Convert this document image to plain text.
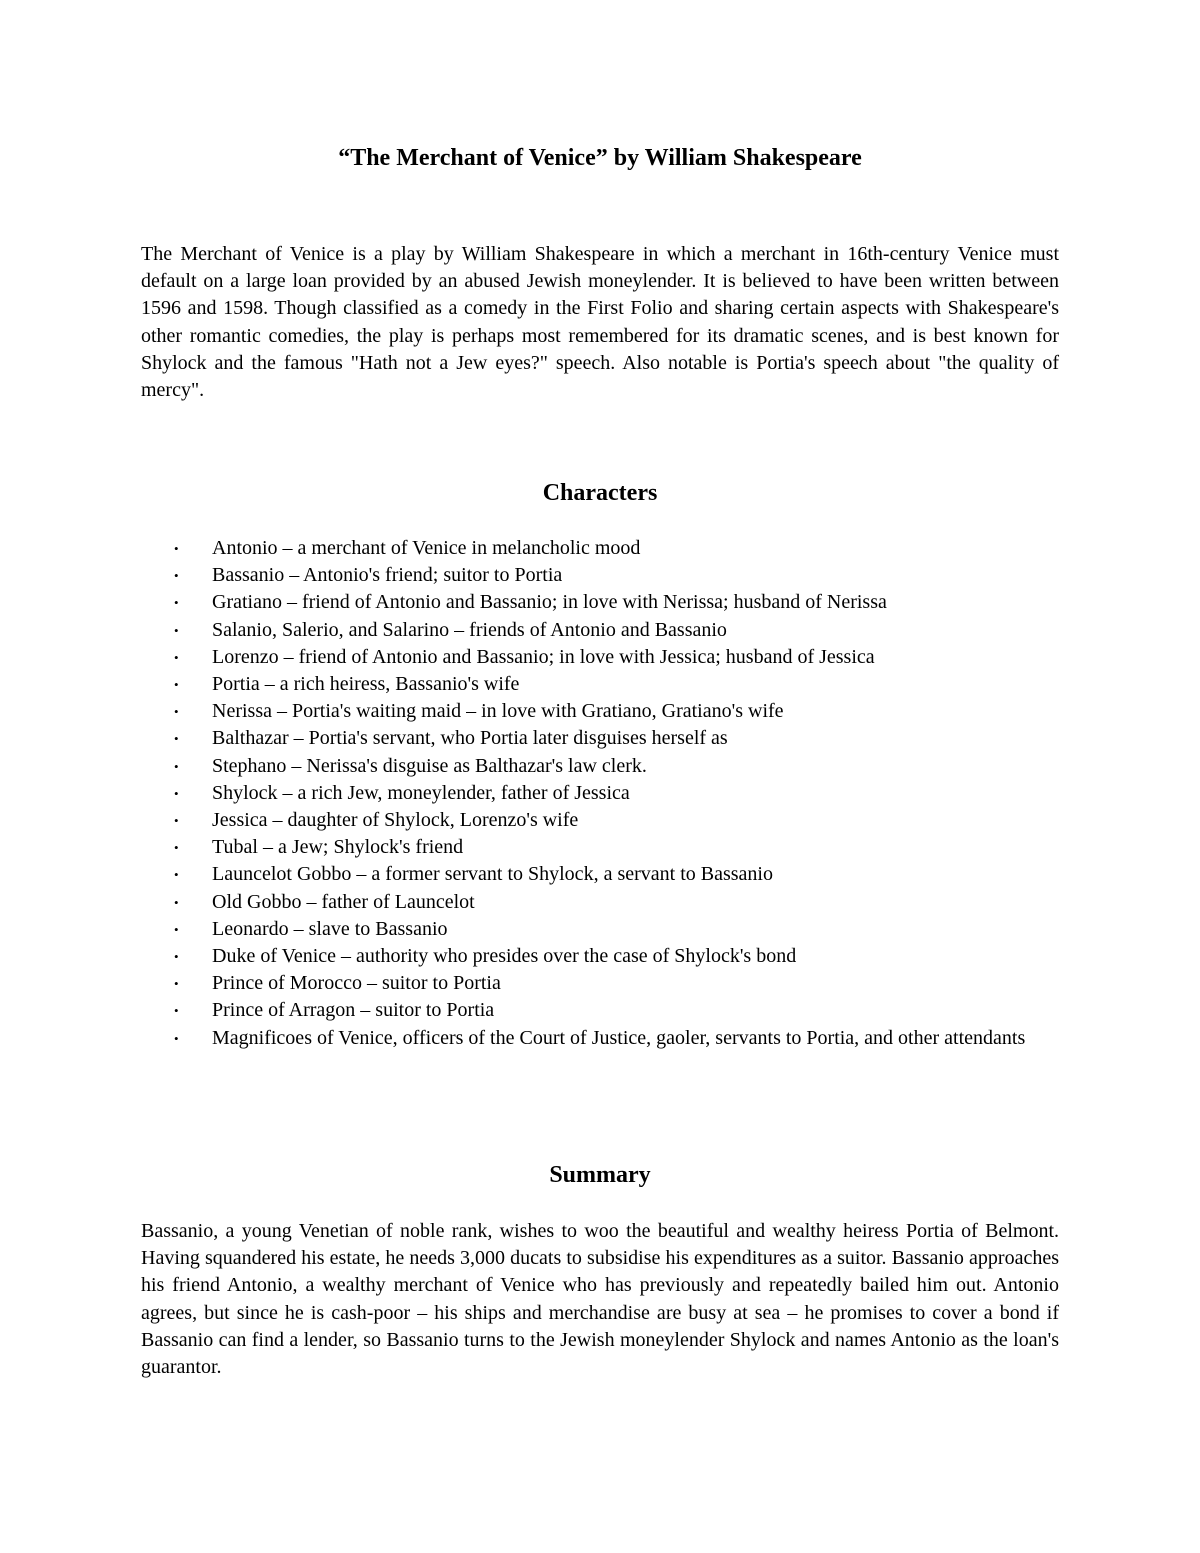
“The Merchant of Venice” by William Shakespeare

The Merchant of Venice is a play by William Shakespeare in which a merchant in 16th-century Venice must default on a large loan provided by an abused Jewish moneylender. It is believed to have been written between 1596 and 1598. Though classified as a comedy in the First Folio and sharing certain aspects with Shakespeare's other romantic comedies, the play is perhaps most remembered for its dramatic scenes, and is best known for Shylock and the famous "Hath not a Jew eyes?" speech. Also notable is Portia's speech about "the quality of mercy".

Characters
• Antonio – a merchant of Venice in melancholic mood
• Bassanio – Antonio's friend; suitor to Portia
• Gratiano – friend of Antonio and Bassanio; in love with Nerissa; husband of Nerissa
• Salanio, Salerio, and Salarino – friends of Antonio and Bassanio
• Lorenzo – friend of Antonio and Bassanio; in love with Jessica; husband of Jessica
• Portia – a rich heiress, Bassanio's wife
• Nerissa – Portia's waiting maid – in love with Gratiano, Gratiano's wife
• Balthazar – Portia's servant, who Portia later disguises herself as
• Stephano – Nerissa's disguise as Balthazar's law clerk.
• Shylock – a rich Jew, moneylender, father of Jessica
• Jessica – daughter of Shylock, Lorenzo's wife
• Tubal – a Jew; Shylock's friend
• Launcelot Gobbo – a former servant to Shylock, a servant to Bassanio
• Old Gobbo – father of Launcelot
• Leonardo – slave to Bassanio
• Duke of Venice – authority who presides over the case of Shylock's bond
• Prince of Morocco – suitor to Portia
• Prince of Arragon – suitor to Portia
• Magnificoes of Venice, officers of the Court of Justice, gaoler, servants to Portia, and other attendants
Summary

Bassanio, a young Venetian of noble rank, wishes to woo the beautiful and wealthy heiress Portia of Belmont. Having squandered his estate, he needs 3,000 ducats to subsidise his expenditures as a suitor. Bassanio approaches his friend Antonio, a wealthy merchant of Venice who has previously and repeatedly bailed him out. Antonio agrees, but since he is cash-poor – his ships and merchandise are busy at sea – he promises to cover a bond if Bassanio can find a lender, so Bassanio turns to the Jewish moneylender Shylock and names Antonio as the loan's guarantor.
